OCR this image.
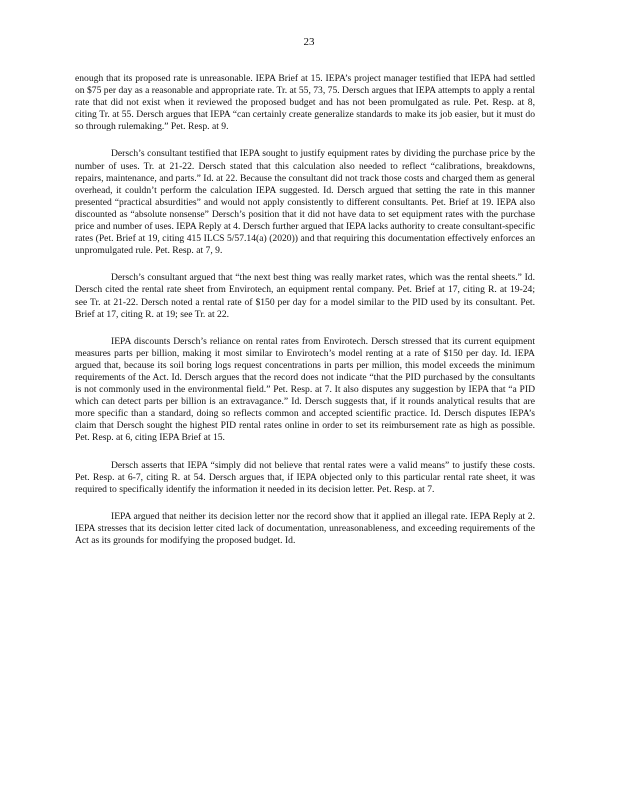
23

enough that its proposed rate is unreasonable. IEPA Brief at 15. IEPA’s project manager testified that IEPA had settled on $75 per day as a reasonable and appropriate rate. Tr. at 55, 73, 75. Dersch argues that IEPA attempts to apply a rental rate that did not exist when it reviewed the proposed budget and has not been promulgated as rule. Pet. Resp. at 8, citing Tr. at 55. Dersch argues that IEPA “can certainly create generalize standards to make its job easier, but it must do so through rulemaking.” Pet. Resp. at 9.

Dersch’s consultant testified that IEPA sought to justify equipment rates by dividing the purchase price by the number of uses. Tr. at 21-22. Dersch stated that this calculation also needed to reflect “calibrations, breakdowns, repairs, maintenance, and parts.” Id. at 22. Because the consultant did not track those costs and charged them as general overhead, it couldn’t perform the calculation IEPA suggested. Id. Dersch argued that setting the rate in this manner presented “practical absurdities” and would not apply consistently to different consultants. Pet. Brief at 19. IEPA also discounted as “absolute nonsense” Dersch’s position that it did not have data to set equipment rates with the purchase price and number of uses. IEPA Reply at 4. Dersch further argued that IEPA lacks authority to create consultant-specific rates (Pet. Brief at 19, citing 415 ILCS 5/57.14(a) (2020)) and that requiring this documentation effectively enforces an unpromulgated rule. Pet. Resp. at 7, 9.

Dersch’s consultant argued that “the next best thing was really market rates, which was the rental sheets.” Id. Dersch cited the rental rate sheet from Envirotech, an equipment rental company. Pet. Brief at 17, citing R. at 19-24; see Tr. at 21-22. Dersch noted a rental rate of $150 per day for a model similar to the PID used by its consultant. Pet. Brief at 17, citing R. at 19; see Tr. at 22.

IEPA discounts Dersch’s reliance on rental rates from Envirotech. Dersch stressed that its current equipment measures parts per billion, making it most similar to Envirotech’s model renting at a rate of $150 per day. Id. IEPA argued that, because its soil boring logs request concentrations in parts per million, this model exceeds the minimum requirements of the Act. Id. Dersch argues that the record does not indicate “that the PID purchased by the consultants is not commonly used in the environmental field.” Pet. Resp. at 7. It also disputes any suggestion by IEPA that “a PID which can detect parts per billion is an extravagance.” Id. Dersch suggests that, if it rounds analytical results that are more specific than a standard, doing so reflects common and accepted scientific practice. Id. Dersch disputes IEPA’s claim that Dersch sought the highest PID rental rates online in order to set its reimbursement rate as high as possible. Pet. Resp. at 6, citing IEPA Brief at 15.

Dersch asserts that IEPA “simply did not believe that rental rates were a valid means” to justify these costs. Pet. Resp. at 6-7, citing R. at 54. Dersch argues that, if IEPA objected only to this particular rental rate sheet, it was required to specifically identify the information it needed in its decision letter. Pet. Resp. at 7.

IEPA argued that neither its decision letter nor the record show that it applied an illegal rate. IEPA Reply at 2. IEPA stresses that its decision letter cited lack of documentation, unreasonableness, and exceeding requirements of the Act as its grounds for modifying the proposed budget. Id.
